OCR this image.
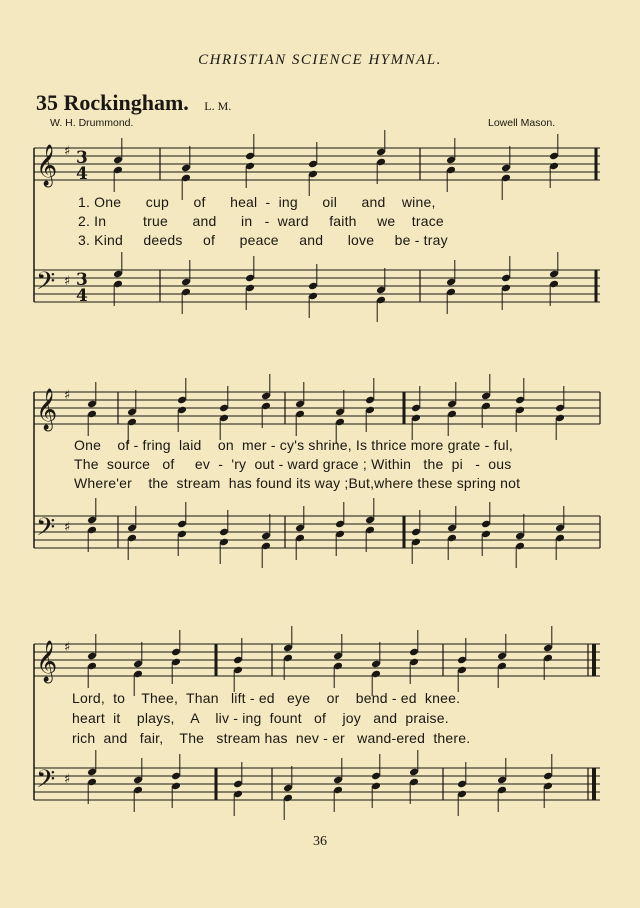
CHRISTIAN SCIENCE HYMNAL.
35 Rockingham. L. M.
W. H. Drummond.	Lowell Mason.
𝄞
𝄢
♯
♯
3
4
3
4
𝄞
𝄢
♯
♯
𝄞
𝄢
♯
♯
1. One      cup      of      heal  -  ing      oil      and    wine,
2. In         true      and      in   -  ward     faith     we    trace
3. Kind     deeds     of      peace     and      love     be - tray
One    of - fring  laid    on  mer - cy's shrine, Is thrice more grate - ful,
The  source   of     ev  -  'ry  out - ward grace ; Within   the  pi   -  ous
Where'er    the  stream  has found its way ;But,where these spring not
Lord,  to    Thee,  Than   lift - ed   eye    or    bend - ed  knee.
heart  it    plays,    A    liv - ing  fount   of    joy   and  praise.
rich  and   fair,    The   stream has  nev - er   wand-ered  there.
36
